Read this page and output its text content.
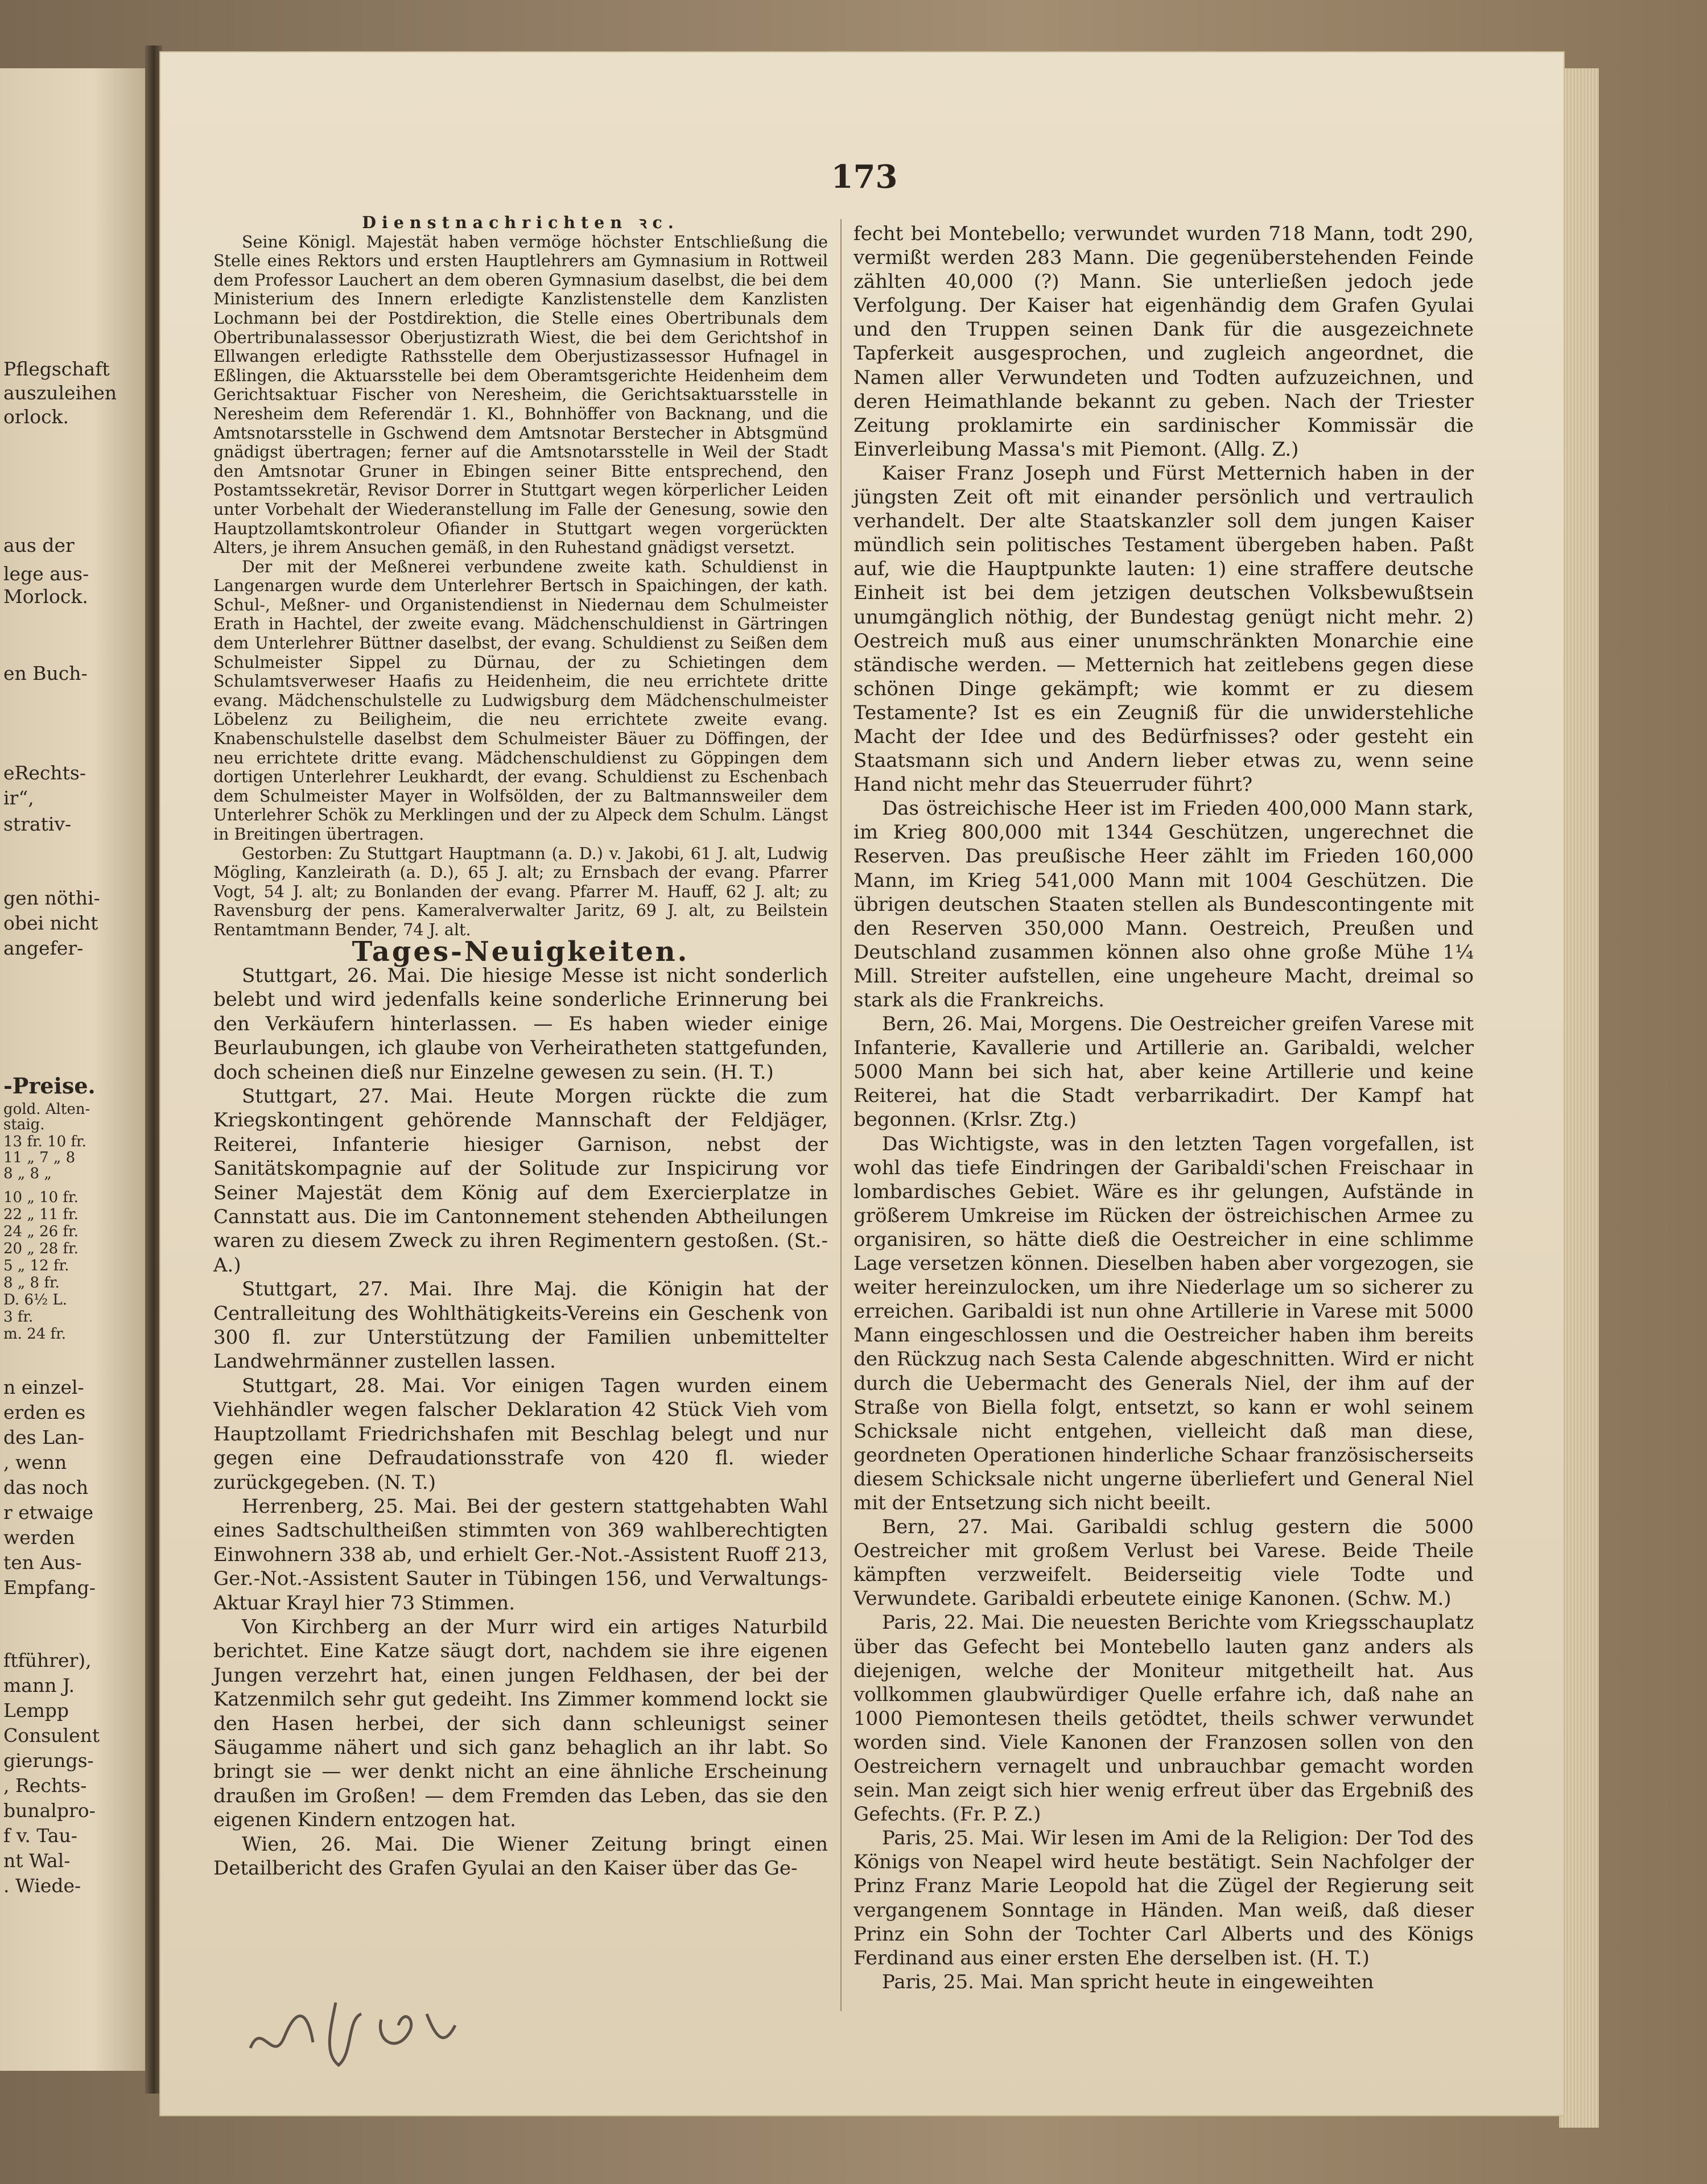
Pflegschaft
auszuleihen
orlock.
aus der
lege aus-
Morlock.
en Buch-
eRechts-
ir“,
strativ-
gen nöthi-
obei nicht
angefer-
-Preise.
gold. Alten-
staig.
13 fr. 10 fr.
11 „ 7 „ 8
8 „ 8 „
10 „ 10 fr.
22 „ 11 fr.
24 „ 26 fr.
20 „ 28 fr.
5 „ 12 fr.
8 „ 8 fr.
D. 6½ L.
3 fr.
m. 24 fr.
n einzel-
erden es
des Lan-
, wenn
das noch
r etwaige
werden
ten Aus-
Empfang-
ftführer),
mann J.
Lempp
Consulent
gierungs-
, Rechts-
bunalpro-
f v. Tau-
nt Wal-
. Wiede-
173

Dienstnachrichten ꝛc.

Seine Königl. Majestät haben vermöge höchster Entschließung die Stelle eines Rektors und ersten Hauptlehrers am Gymnasium in Rottweil dem Professor Lauchert an dem oberen Gymnasium daselbst, die bei dem Ministerium des Innern erledigte Kanzlistenstelle dem Kanzlisten Lochmann bei der Postdirektion, die Stelle eines Obertribunals dem Obertribunalassessor Oberjustizrath Wiest, die bei dem Gerichtshof in Ellwangen erledigte Rathsstelle dem Oberjustizassessor Hufnagel in Eßlingen, die Aktuarsstelle bei dem Oberamtsgerichte Heidenheim dem Gerichtsaktuar Fischer von Neresheim, die Gerichtsaktuarsstelle in Neresheim dem Referendär 1. Kl., Bohnhöffer von Backnang, und die Amtsnotarsstelle in Gschwend dem Amtsnotar Berstecher in Abtsgmünd gnädigst übertragen; ferner auf die Amtsnotarsstelle in Weil der Stadt den Amtsnotar Gruner in Ebingen seiner Bitte entsprechend, den Postamtssekretär, Revisor Dorrer in Stuttgart wegen körperlicher Leiden unter Vorbehalt der Wiederanstellung im Falle der Genesung, sowie den Hauptzollamtskontroleur Ofiander in Stuttgart wegen vorgerückten Alters, je ihrem Ansuchen gemäß, in den Ruhestand gnädigst versetzt.

Der mit der Meßnerei verbundene zweite kath. Schuldienst in Langenargen wurde dem Unterlehrer Bertsch in Spaichingen, der kath. Schul-, Meßner- und Organistendienst in Niedernau dem Schulmeister Erath in Hachtel, der zweite evang. Mädchenschuldienst in Gärtringen dem Unterlehrer Büttner daselbst, der evang. Schuldienst zu Seißen dem Schulmeister Sippel zu Dürnau, der zu Schietingen dem Schulamtsverweser Haafis zu Heidenheim, die neu errichtete dritte evang. Mädchenschulstelle zu Ludwigsburg dem Mädchenschulmeister Löbelenz zu Beiligheim, die neu errichtete zweite evang. Knabenschulstelle daselbst dem Schulmeister Bäuer zu Döffingen, der neu errichtete dritte evang. Mädchenschuldienst zu Göppingen dem dortigen Unterlehrer Leukhardt, der evang. Schuldienst zu Eschenbach dem Schulmeister Mayer in Wolfsölden, der zu Baltmannsweiler dem Unterlehrer Schök zu Merklingen und der zu Alpeck dem Schulm. Längst in Breitingen übertragen.

Gestorben: Zu Stuttgart Hauptmann (a. D.) v. Jakobi, 61 J. alt, Ludwig Mögling, Kanzleirath (a. D.), 65 J. alt; zu Ernsbach der evang. Pfarrer Vogt, 54 J. alt; zu Bonlanden der evang. Pfarrer M. Hauff, 62 J. alt; zu Ravensburg der pens. Kameralverwalter Jaritz, 69 J. alt, zu Beilstein Rentamtmann Bender, 74 J. alt.

Tages-Neuigkeiten.

Stuttgart, 26. Mai. Die hiesige Messe ist nicht sonderlich belebt und wird jedenfalls keine sonderliche Erinnerung bei den Verkäufern hinterlassen. — Es haben wieder einige Beurlaubungen, ich glaube von Verheiratheten stattgefunden, doch scheinen dieß nur Einzelne gewesen zu sein. (H. T.)

Stuttgart, 27. Mai. Heute Morgen rückte die zum Kriegskontingent gehörende Mannschaft der Feldjäger, Reiterei, Infanterie hiesiger Garnison, nebst der Sanitätskompagnie auf der Solitude zur Inspicirung vor Seiner Majestät dem König auf dem Exercierplatze in Cannstatt aus. Die im Cantonnement stehenden Abtheilungen waren zu diesem Zweck zu ihren Regimentern gestoßen. (St.-A.)

Stuttgart, 27. Mai. Ihre Maj. die Königin hat der Centralleitung des Wohlthätigkeits-Vereins ein Geschenk von 300 fl. zur Unterstützung der Familien unbemittelter Landwehrmänner zustellen lassen.

Stuttgart, 28. Mai. Vor einigen Tagen wurden einem Viehhändler wegen falscher Deklaration 42 Stück Vieh vom Hauptzollamt Friedrichshafen mit Beschlag belegt und nur gegen eine Defraudationsstrafe von 420 fl. wieder zurückgegeben. (N. T.)

Herrenberg, 25. Mai. Bei der gestern stattgehabten Wahl eines Sadtschultheißen stimmten von 369 wahlberechtigten Einwohnern 338 ab, und erhielt Ger.-Not.-Assistent Ruoff 213, Ger.-Not.-Assistent Sauter in Tübingen 156, und Verwaltungs-Aktuar Krayl hier 73 Stimmen.

Von Kirchberg an der Murr wird ein artiges Naturbild berichtet. Eine Katze säugt dort, nachdem sie ihre eigenen Jungen verzehrt hat, einen jungen Feldhasen, der bei der Katzenmilch sehr gut gedeiht. Ins Zimmer kommend lockt sie den Hasen herbei, der sich dann schleunigst seiner Säugamme nähert und sich ganz behaglich an ihr labt. So bringt sie — wer denkt nicht an eine ähnliche Erscheinung draußen im Großen! — dem Fremden das Leben, das sie den eigenen Kindern entzogen hat.

Wien, 26. Mai. Die Wiener Zeitung bringt einen Detailbericht des Grafen Gyulai an den Kaiser über das Ge-

fecht bei Montebello; verwundet wurden 718 Mann, todt 290, vermißt werden 283 Mann. Die gegenüberstehenden Feinde zählten 40,000 (?) Mann. Sie unterließen jedoch jede Verfolgung. Der Kaiser hat eigenhändig dem Grafen Gyulai und den Truppen seinen Dank für die ausgezeichnete Tapferkeit ausgesprochen, und zugleich angeordnet, die Namen aller Verwundeten und Todten aufzuzeichnen, und deren Heimathlande bekannt zu geben. Nach der Triester Zeitung proklamirte ein sardinischer Kommissär die Einverleibung Massa's mit Piemont. (Allg. Z.)

Kaiser Franz Joseph und Fürst Metternich haben in der jüngsten Zeit oft mit einander persönlich und vertraulich verhandelt. Der alte Staatskanzler soll dem jungen Kaiser mündlich sein politisches Testament übergeben haben. Paßt auf, wie die Hauptpunkte lauten: 1) eine straffere deutsche Einheit ist bei dem jetzigen deutschen Volksbewußtsein unumgänglich nöthig, der Bundestag genügt nicht mehr. 2) Oestreich muß aus einer unumschränkten Monarchie eine ständische werden. — Metternich hat zeitlebens gegen diese schönen Dinge gekämpft; wie kommt er zu diesem Testamente? Ist es ein Zeugniß für die unwiderstehliche Macht der Idee und des Bedürfnisses? oder gesteht ein Staatsmann sich und Andern lieber etwas zu, wenn seine Hand nicht mehr das Steuerruder führt?

Das östreichische Heer ist im Frieden 400,000 Mann stark, im Krieg 800,000 mit 1344 Geschützen, ungerechnet die Reserven. Das preußische Heer zählt im Frieden 160,000 Mann, im Krieg 541,000 Mann mit 1004 Geschützen. Die übrigen deutschen Staaten stellen als Bundescontingente mit den Reserven 350,000 Mann. Oestreich, Preußen und Deutschland zusammen können also ohne große Mühe 1¼ Mill. Streiter aufstellen, eine ungeheure Macht, dreimal so stark als die Frankreichs.

Bern, 26. Mai, Morgens. Die Oestreicher greifen Varese mit Infanterie, Kavallerie und Artillerie an. Garibaldi, welcher 5000 Mann bei sich hat, aber keine Artillerie und keine Reiterei, hat die Stadt verbarrikadirt. Der Kampf hat begonnen. (Krlsr. Ztg.)

Das Wichtigste, was in den letzten Tagen vorgefallen, ist wohl das tiefe Eindringen der Garibaldi'schen Freischaar in lombardisches Gebiet. Wäre es ihr gelungen, Aufstände in größerem Umkreise im Rücken der östreichischen Armee zu organisiren, so hätte dieß die Oestreicher in eine schlimme Lage versetzen können. Dieselben haben aber vorgezogen, sie weiter hereinzulocken, um ihre Niederlage um so sicherer zu erreichen. Garibaldi ist nun ohne Artillerie in Varese mit 5000 Mann eingeschlossen und die Oestreicher haben ihm bereits den Rückzug nach Sesta Calende abgeschnitten. Wird er nicht durch die Uebermacht des Generals Niel, der ihm auf der Straße von Biella folgt, entsetzt, so kann er wohl seinem Schicksale nicht entgehen, vielleicht daß man diese, geordneten Operationen hinderliche Schaar französischerseits diesem Schicksale nicht ungerne überliefert und General Niel mit der Entsetzung sich nicht beeilt.

Bern, 27. Mai. Garibaldi schlug gestern die 5000 Oestreicher mit großem Verlust bei Varese. Beide Theile kämpften verzweifelt. Beiderseitig viele Todte und Verwundete. Garibaldi erbeutete einige Kanonen. (Schw. M.)

Paris, 22. Mai. Die neuesten Berichte vom Kriegsschauplatz über das Gefecht bei Montebello lauten ganz anders als diejenigen, welche der Moniteur mitgetheilt hat. Aus vollkommen glaubwürdiger Quelle erfahre ich, daß nahe an 1000 Piemontesen theils getödtet, theils schwer verwundet worden sind. Viele Kanonen der Franzosen sollen von den Oestreichern vernagelt und unbrauchbar gemacht worden sein. Man zeigt sich hier wenig erfreut über das Ergebniß des Gefechts. (Fr. P. Z.)

Paris, 25. Mai. Wir lesen im Ami de la Religion: Der Tod des Königs von Neapel wird heute bestätigt. Sein Nachfolger der Prinz Franz Marie Leopold hat die Zügel der Regierung seit vergangenem Sonntage in Händen. Man weiß, daß dieser Prinz ein Sohn der Tochter Carl Alberts und des Königs Ferdinand aus einer ersten Ehe derselben ist. (H. T.)

Paris, 25. Mai. Man spricht heute in eingeweihten
